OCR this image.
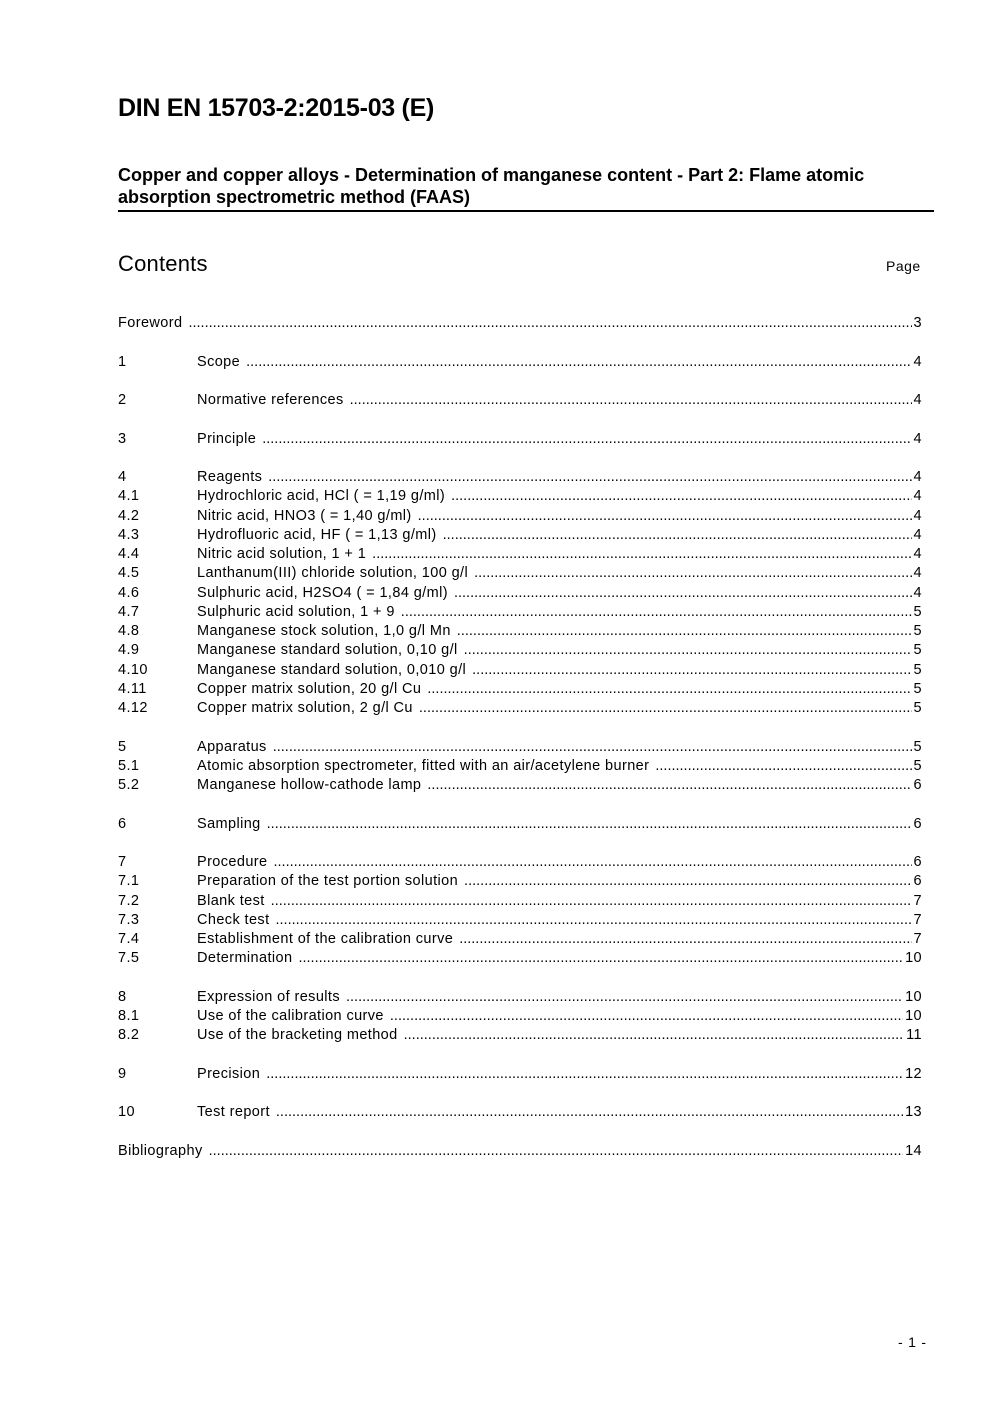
DIN EN 15703-2:2015-03 (E)
Copper and copper alloys - Determination of manganese content - Part 2: Flame atomic absorption spectrometric method (FAAS)
Contents	Page
Foreword .....	3
1	Scope .....	4
2	Normative references .....	4
3	Principle .....	4
4	Reagents .....	4
4.1	Hydrochloric acid, HCl ( = 1,19 g/ml) .....	4
4.2	Nitric acid, HNO3 ( = 1,40 g/ml) .....	4
4.3	Hydrofluoric acid, HF ( = 1,13 g/ml) .....	4
4.4	Nitric acid solution, 1 + 1 .....	4
4.5	Lanthanum(III) chloride solution, 100 g/l .....	4
4.6	Sulphuric acid, H2SO4 ( = 1,84 g/ml) .....	4
4.7	Sulphuric acid solution, 1 + 9 .....	5
4.8	Manganese stock solution, 1,0 g/l Mn .....	5
4.9	Manganese standard solution, 0,10 g/l .....	5
4.10	Manganese standard solution, 0,010 g/l .....	5
4.11	Copper matrix solution, 20 g/l Cu .....	5
4.12	Copper matrix solution, 2 g/l Cu .....	5
5	Apparatus .....	5
5.1	Atomic absorption spectrometer, fitted with an air/acetylene burner .....	5
5.2	Manganese hollow-cathode lamp .....	6
6	Sampling .....	6
7	Procedure .....	6
7.1	Preparation of the test portion solution .....	6
7.2	Blank test .....	7
7.3	Check test .....	7
7.4	Establishment of the calibration curve .....	7
7.5	Determination .....	10
8	Expression of results .....	10
8.1	Use of the calibration curve .....	10
8.2	Use of the bracketing method .....	11
9	Precision .....	12
10	Test report .....	13
Bibliography .....	14
- 1 -
